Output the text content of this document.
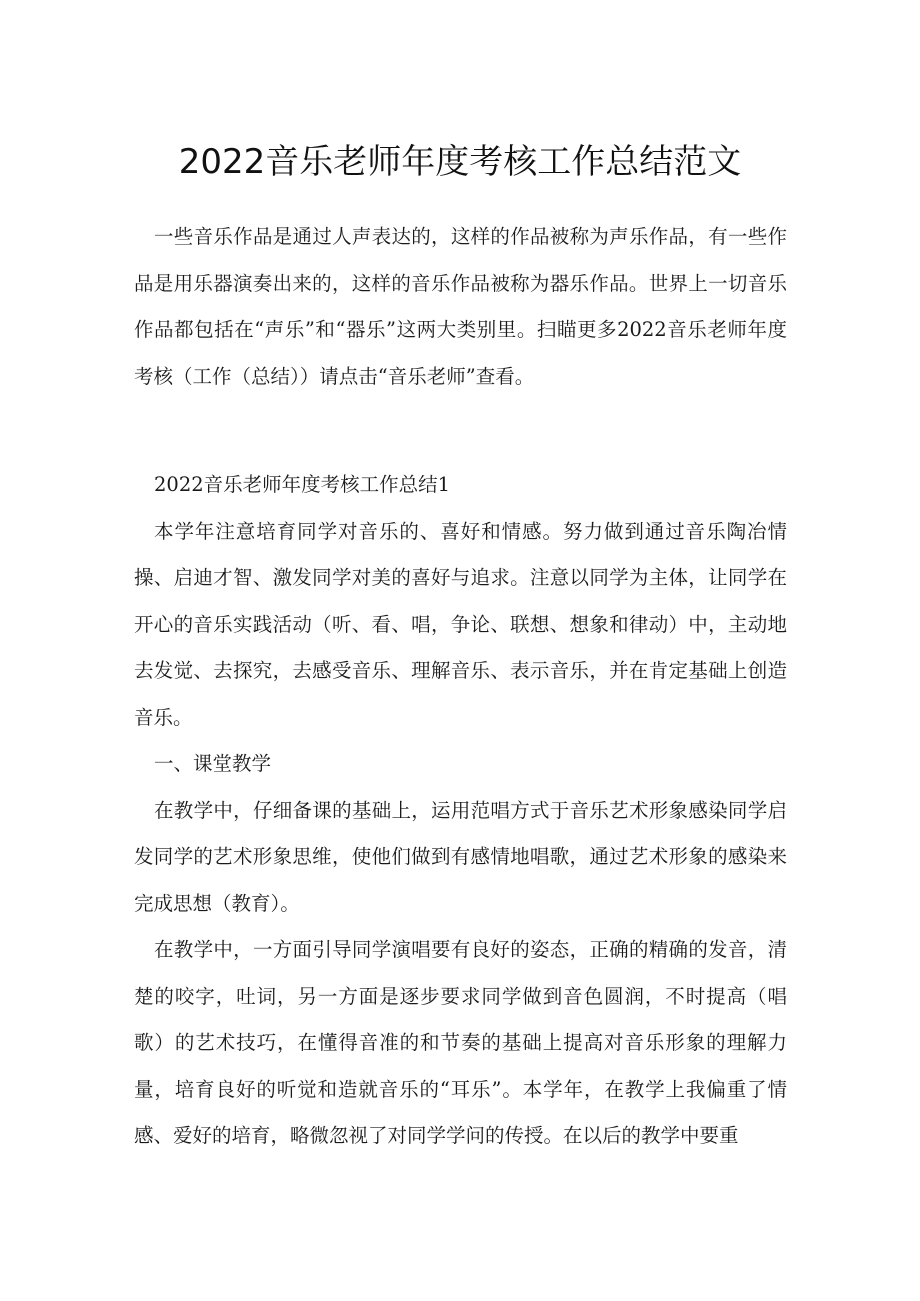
2022音乐老师年度考核工作总结范文

一些音乐作品是通过人声表达的，这样的作品被称为声乐作品，有一些作品是用乐器演奏出来的，这样的音乐作品被称为器乐作品。世界上一切音乐作品都包括在“声乐”和“器乐”这两大类别里。扫瞄更多2022音乐老师年度考核（工作（总结））请点击“音乐老师”查看。

2022音乐老师年度考核工作总结1

本学年注意培育同学对音乐的、喜好和情感。努力做到通过音乐陶冶情操、启迪才智、激发同学对美的喜好与追求。注意以同学为主体，让同学在开心的音乐实践活动（听、看、唱，争论、联想、想象和律动）中，主动地去发觉、去探究，去感受音乐、理解音乐、表示音乐，并在肯定基础上创造音乐。

一、课堂教学

在教学中，仔细备课的基础上，运用范唱方式于音乐艺术形象感染同学启发同学的艺术形象思维，使他们做到有感情地唱歌，通过艺术形象的感染来完成思想（教育）。

在教学中，一方面引导同学演唱要有良好的姿态，正确的精确的发音，清楚的咬字，吐词，另一方面是逐步要求同学做到音色圆润，不时提高（唱歌）的艺术技巧，在懂得音准的和节奏的基础上提高对音乐形象的理解力量，培育良好的听觉和造就音乐的“耳乐”。本学年，在教学上我偏重了情感、爱好的培育，略微忽视了对同学学问的传授。在以后的教学中要重
